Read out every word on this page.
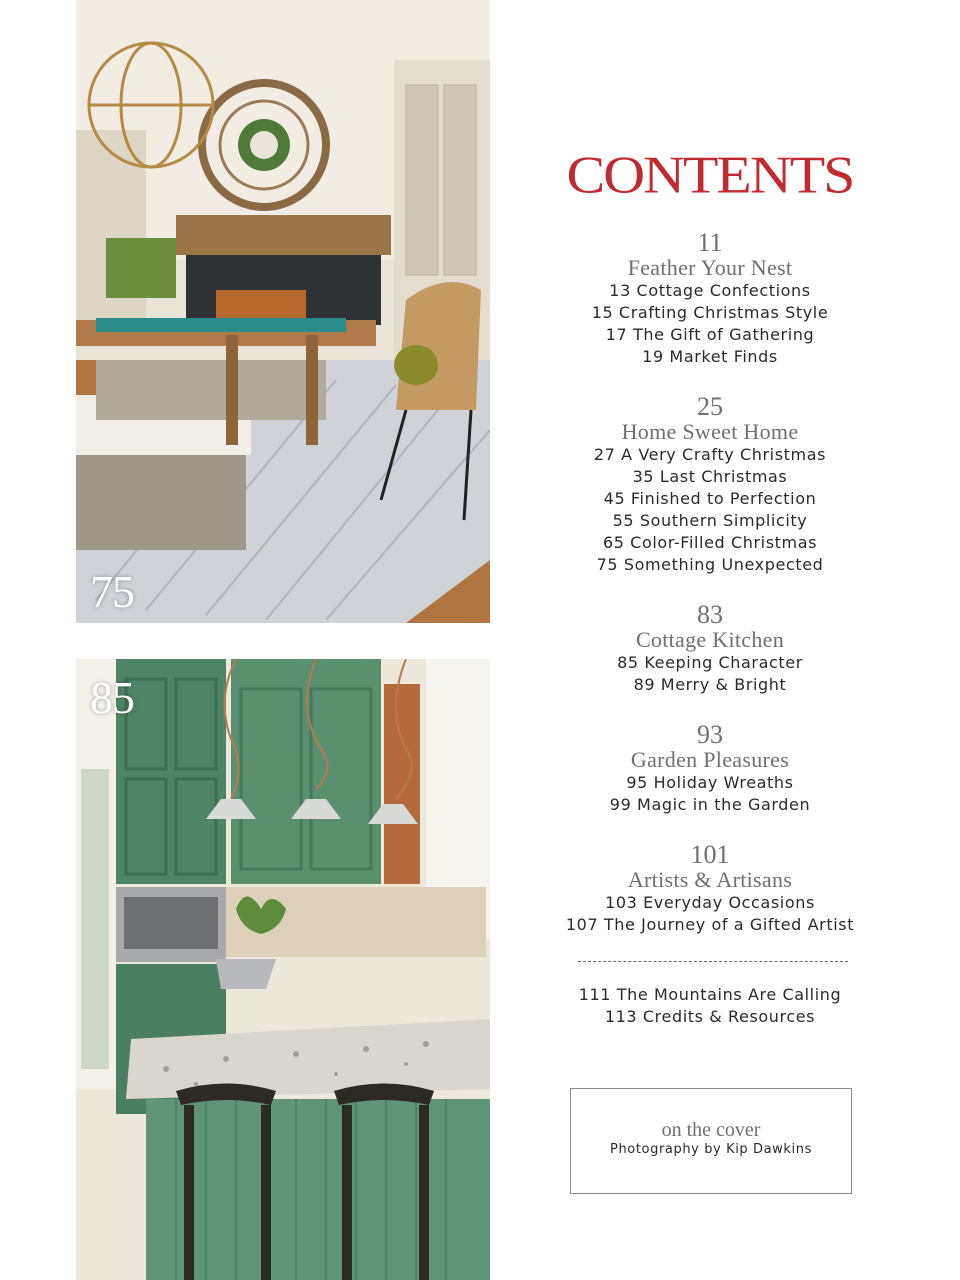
75
85
CONTENTS
11
Feather Your Nest
13 Cottage Confections
15 Crafting Christmas Style
17 The Gift of Gathering
19 Market Finds
25
Home Sweet Home
27 A Very Crafty Christmas
35 Last Christmas
45 Finished to Perfection
55 Southern Simplicity
65 Color-Filled Christmas
75 Something Unexpected
83
Cottage Kitchen
85 Keeping Character
89 Merry & Bright
93
Garden Pleasures
95 Holiday Wreaths
99 Magic in the Garden
101
Artists & Artisans
103 Everyday Occasions
107 The Journey of a Gifted Artist
111 The Mountains Are Calling
113 Credits & Resources
on the cover
Photography by Kip Dawkins
